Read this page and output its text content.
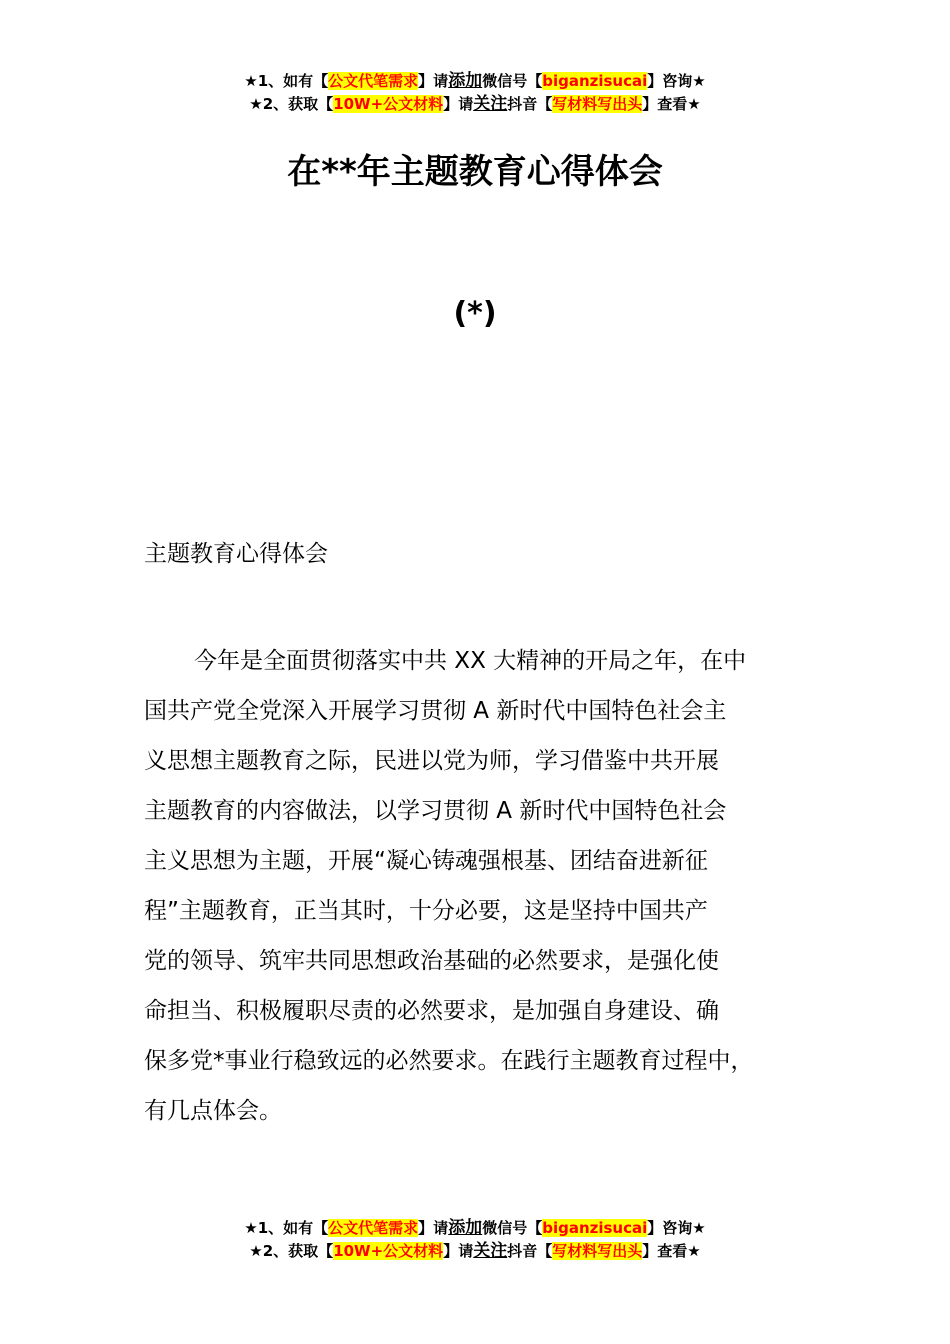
★1、如有【公文代笔需求】请添加微信号【biganzisucai】咨询★
★2、获取【10W+公文材料】请关注抖音【写材料写出头】查看★
在**年主题教育心得体会
(*)
主题教育心得体会

今年是全面贯彻落实中共 XX 大精神的开局之年，在中
国共产党全党深入开展学习贯彻 A 新时代中国特色社会主
义思想主题教育之际，民进以党为师，学习借鉴中共开展
主题教育的内容做法，以学习贯彻 A 新时代中国特色社会
主义思想为主题，开展“凝心铸魂强根基、团结奋进新征
程”主题教育，正当其时，十分必要，这是坚持中国共产
党的领导、筑牢共同思想政治基础的必然要求，是强化使
命担当、积极履职尽责的必然要求，是加强自身建设、确
保多党*事业行稳致远的必然要求。在践行主题教育过程中，
有几点体会。

★1、如有【公文代笔需求】请添加微信号【biganzisucai】咨询★
★2、获取【10W+公文材料】请关注抖音【写材料写出头】查看★
